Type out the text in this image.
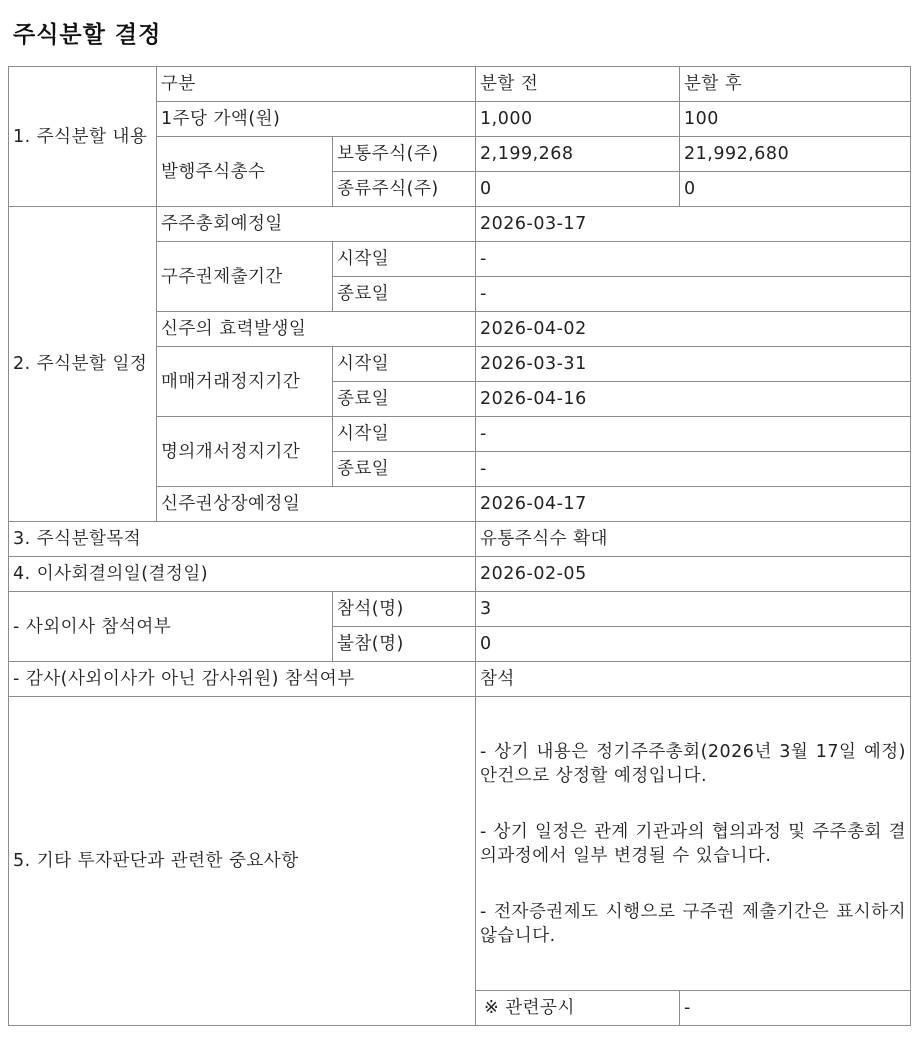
주식분할 결정
1. 주식분할 내용	구분		분할 전	분할 후
	1주당 가액(원)		1,000	100
	발행주식총수	보통주식(주)	2,199,268	21,992,680
		종류주식(주)	0	0
2. 주식분할 일정	주주총회예정일		2026-03-17	
	구주권제출기간	시작일	-	
		종료일	-	
	신주의 효력발생일		2026-04-02	
	매매거래정지기간	시작일	2026-03-31	
		종료일	2026-04-16	
	명의개서정지기간	시작일	-	
		종료일	-	
	신주권상장예정일		2026-04-17	
3. 주식분할목적			유통주식수 확대	
4. 이사회결의일(결정일)			2026-02-05	
- 사외이사 참석여부		참석(명)	3	
		불참(명)	0	
- 감사(사외이사가 아닌 감사위원) 참석여부			참석	
5. 기타 투자판단과 관련한 중요사항			- 상기 내용은 정기주주총회(2026년 3월 17일 예정) 안건으로 상정할 예정입니다.
- 상기 일정은 관계 기관과의 협의과정 및 주주총회 결의과정에서 일부 변경될 수 있습니다.
- 전자증권제도 시행으로 구주권 제출기간은 표시하지 않습니다.	

			※ 관련공시	-
